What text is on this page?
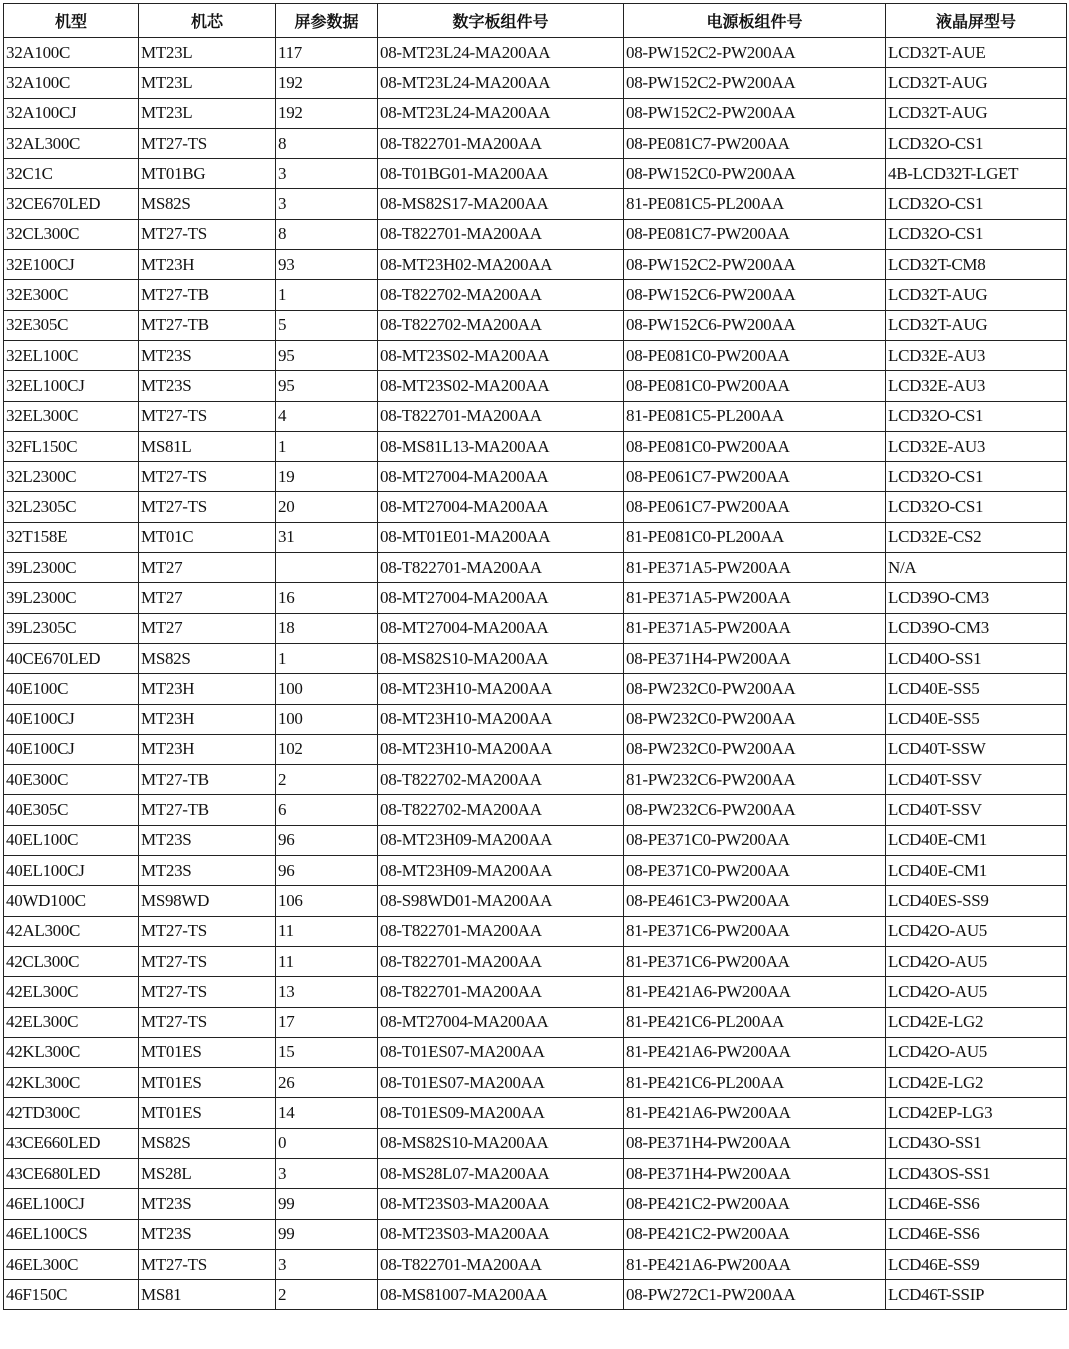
机型	机芯	屏参数据	数字板组件号	电源板组件号	液晶屏型号
32A100C	MT23L	117	08-MT23L24-MA200AA	08-PW152C2-PW200AA	LCD32T-AUE
32A100C	MT23L	192	08-MT23L24-MA200AA	08-PW152C2-PW200AA	LCD32T-AUG
32A100CJ	MT23L	192	08-MT23L24-MA200AA	08-PW152C2-PW200AA	LCD32T-AUG
32AL300C	MT27-TS	8	08-T822701-MA200AA	08-PE081C7-PW200AA	LCD32O-CS1
32C1C	MT01BG	3	08-T01BG01-MA200AA	08-PW152C0-PW200AA	4B-LCD32T-LGET
32CE670LED	MS82S	3	08-MS82S17-MA200AA	81-PE081C5-PL200AA	LCD32O-CS1
32CL300C	MT27-TS	8	08-T822701-MA200AA	08-PE081C7-PW200AA	LCD32O-CS1
32E100CJ	MT23H	93	08-MT23H02-MA200AA	08-PW152C2-PW200AA	LCD32T-CM8
32E300C	MT27-TB	1	08-T822702-MA200AA	08-PW152C6-PW200AA	LCD32T-AUG
32E305C	MT27-TB	5	08-T822702-MA200AA	08-PW152C6-PW200AA	LCD32T-AUG
32EL100C	MT23S	95	08-MT23S02-MA200AA	08-PE081C0-PW200AA	LCD32E-AU3
32EL100CJ	MT23S	95	08-MT23S02-MA200AA	08-PE081C0-PW200AA	LCD32E-AU3
32EL300C	MT27-TS	4	08-T822701-MA200AA	81-PE081C5-PL200AA	LCD32O-CS1
32FL150C	MS81L	1	08-MS81L13-MA200AA	08-PE081C0-PW200AA	LCD32E-AU3
32L2300C	MT27-TS	19	08-MT27004-MA200AA	08-PE061C7-PW200AA	LCD32O-CS1
32L2305C	MT27-TS	20	08-MT27004-MA200AA	08-PE061C7-PW200AA	LCD32O-CS1
32T158E	MT01C	31	08-MT01E01-MA200AA	81-PE081C0-PL200AA	LCD32E-CS2
39L2300C	MT27		08-T822701-MA200AA	81-PE371A5-PW200AA	N/A
39L2300C	MT27	16	08-MT27004-MA200AA	81-PE371A5-PW200AA	LCD39O-CM3
39L2305C	MT27	18	08-MT27004-MA200AA	81-PE371A5-PW200AA	LCD39O-CM3
40CE670LED	MS82S	1	08-MS82S10-MA200AA	08-PE371H4-PW200AA	LCD40O-SS1
40E100C	MT23H	100	08-MT23H10-MA200AA	08-PW232C0-PW200AA	LCD40E-SS5
40E100CJ	MT23H	100	08-MT23H10-MA200AA	08-PW232C0-PW200AA	LCD40E-SS5
40E100CJ	MT23H	102	08-MT23H10-MA200AA	08-PW232C0-PW200AA	LCD40T-SSW
40E300C	MT27-TB	2	08-T822702-MA200AA	81-PW232C6-PW200AA	LCD40T-SSV
40E305C	MT27-TB	6	08-T822702-MA200AA	08-PW232C6-PW200AA	LCD40T-SSV
40EL100C	MT23S	96	08-MT23H09-MA200AA	08-PE371C0-PW200AA	LCD40E-CM1
40EL100CJ	MT23S	96	08-MT23H09-MA200AA	08-PE371C0-PW200AA	LCD40E-CM1
40WD100C	MS98WD	106	08-S98WD01-MA200AA	08-PE461C3-PW200AA	LCD40ES-SS9
42AL300C	MT27-TS	11	08-T822701-MA200AA	81-PE371C6-PW200AA	LCD42O-AU5
42CL300C	MT27-TS	11	08-T822701-MA200AA	81-PE371C6-PW200AA	LCD42O-AU5
42EL300C	MT27-TS	13	08-T822701-MA200AA	81-PE421A6-PW200AA	LCD42O-AU5
42EL300C	MT27-TS	17	08-MT27004-MA200AA	81-PE421C6-PL200AA	LCD42E-LG2
42KL300C	MT01ES	15	08-T01ES07-MA200AA	81-PE421A6-PW200AA	LCD42O-AU5
42KL300C	MT01ES	26	08-T01ES07-MA200AA	81-PE421C6-PL200AA	LCD42E-LG2
42TD300C	MT01ES	14	08-T01ES09-MA200AA	81-PE421A6-PW200AA	LCD42EP-LG3
43CE660LED	MS82S	0	08-MS82S10-MA200AA	08-PE371H4-PW200AA	LCD43O-SS1
43CE680LED	MS28L	3	08-MS28L07-MA200AA	08-PE371H4-PW200AA	LCD43OS-SS1
46EL100CJ	MT23S	99	08-MT23S03-MA200AA	08-PE421C2-PW200AA	LCD46E-SS6
46EL100CS	MT23S	99	08-MT23S03-MA200AA	08-PE421C2-PW200AA	LCD46E-SS6
46EL300C	MT27-TS	3	08-T822701-MA200AA	81-PE421A6-PW200AA	LCD46E-SS9
46F150C	MS81	2	08-MS81007-MA200AA	08-PW272C1-PW200AA	LCD46T-SSIP
